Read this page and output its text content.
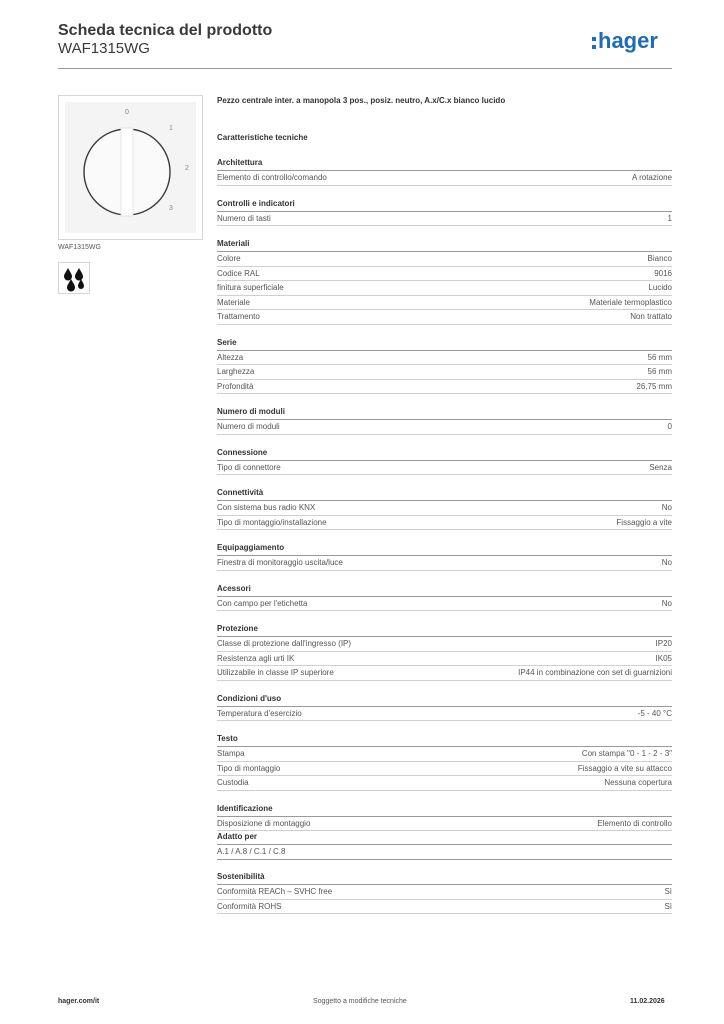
Scheda tecnica del prodotto
WAF1315WG	hager
0
1
2
3
WAF1315WG
Pezzo centrale inter. a manopola 3 pos., posiz. neutro, A.x/C.x bianco lucido
Caratteristiche tecniche
Architettura
Elemento di controllo/comando	A rotazione
Controlli e indicatori
Numero di tasti	1
Materiali
Colore	Bianco
Codice RAL	9016
finitura superficiale	Lucido
Materiale	Materiale termoplastico
Trattamento	Non trattato
Serie
Altezza	56 mm
Larghezza	56 mm
Profondità	26,75 mm
Numero di moduli
Numero di moduli	0
Connessione
Tipo di connettore	Senza
Connettività
Con sistema bus radio KNX	No
Tipo di montaggio/installazione	Fissaggio a vite
Equipaggiamento
Finestra di monitoraggio uscita/luce	No
Acessori
Con campo per l'etichetta	No
Protezione
Classe di protezione dall'ingresso (IP)	IP20
Resistenza agli urti IK	IK05
Utilizzabile in classe IP superiore	IP44 in combinazione con set di guarnizioni
Condizioni d'uso
Temperatura d'esercizio	-5 - 40 °C
Testo
Stampa	Con stampa "0 - 1 - 2 - 3"
Tipo di montaggio	Fissaggio a vite su attacco
Custodia	Nessuna copertura
Identificazione
Disposizione di montaggio	Elemento di controllo
Adatto per
A.1 / A.8 / C.1 / C.8
Sostenibilità
Conformità REACh – SVHC free	Sì
Conformità ROHS	Sì
hager.com/it	Soggetto a modifiche tecniche	11.02.2026
